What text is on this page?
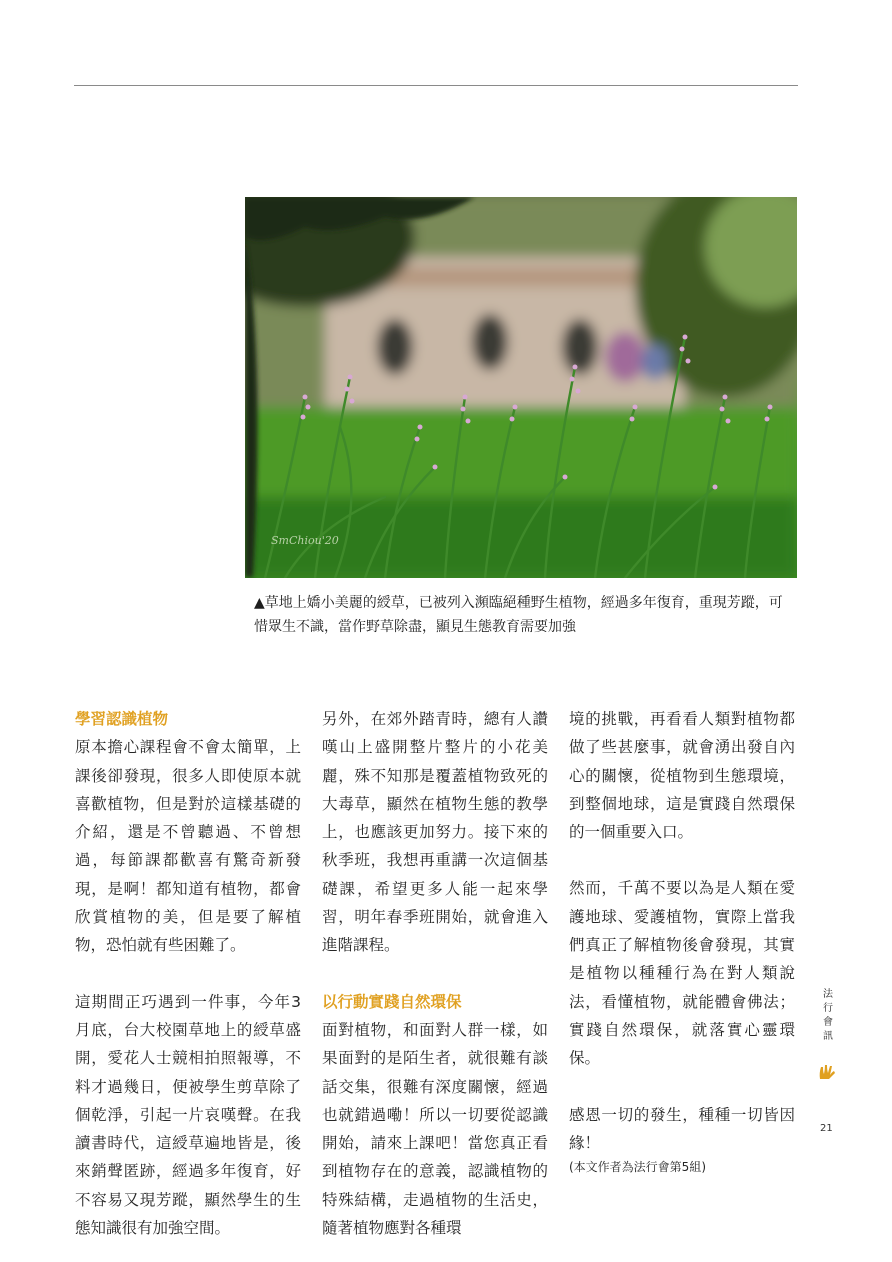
SmChiou'20
▲草地上嬌小美麗的綬草，已被列入瀕臨絕種野生植物，經過多年復育，重現芳蹤，可惜眾生不識，當作野草除盡，顯見生態教育需要加強

學習認識植物

原本擔心課程會不會太簡單，上課後卻發現，很多人即使原本就喜歡植物，但是對於這樣基礎的介紹，還是不曾聽過、不曾想過，每節課都歡喜有驚奇新發現，是啊！都知道有植物，都會欣賞植物的美，但是要了解植物，恐怕就有些困難了。

這期間正巧遇到一件事，今年3月底，台大校園草地上的綬草盛開，愛花人士競相拍照報導，不料才過幾日，便被學生剪草除了個乾淨，引起一片哀嘆聲。在我讀書時代，這綬草遍地皆是，後來銷聲匿跡，經過多年復育，好不容易又現芳蹤，顯然學生的生態知識很有加強空間。

另外，在郊外踏青時，總有人讚嘆山上盛開整片整片的小花美麗，殊不知那是覆蓋植物致死的大毒草，顯然在植物生態的教學上，也應該更加努力。接下來的秋季班，我想再重講一次這個基礎課，希望更多人能一起來學習，明年春季班開始，就會進入進階課程。

以行動實踐自然環保

面對植物，和面對人群一樣，如果面對的是陌生者，就很難有談話交集，很難有深度關懷，經過也就錯過嘞！所以一切要從認識開始，請來上課吧！當您真正看到植物存在的意義，認識植物的特殊結構，走過植物的生活史，隨著植物應對各種環

境的挑戰，再看看人類對植物都做了些甚麼事，就會湧出發自內心的關懷，從植物到生態環境，到整個地球，這是實踐自然環保的一個重要入口。

然而，千萬不要以為是人類在愛護地球、愛護植物，實際上當我們真正了解植物後會發現，其實是植物以種種行為在對人類說法，看懂植物，就能體會佛法；實踐自然環保，就落實心靈環保。

感恩一切的發生，種種一切皆因緣！

(本文作者為法行會第5組)

法行會訊
21
